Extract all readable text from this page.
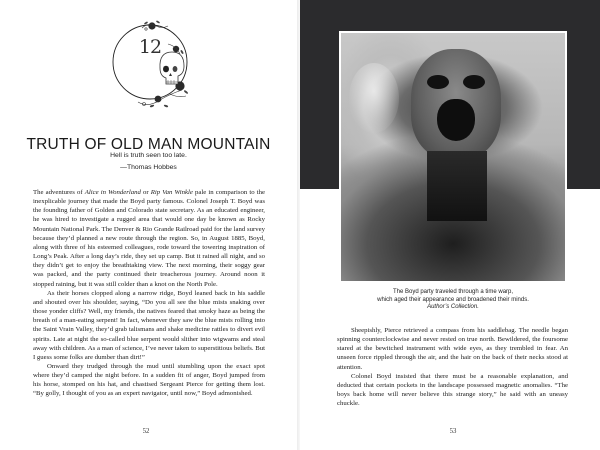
12
TRUTH OF OLD MAN MOUNTAIN
Hell is truth seen too late.
—Thomas Hobbes

The adventures of Alice in Wonderland or Rip Van Winkle pale in comparison to the inexplicable journey that made the Boyd party famous. Colonel Joseph T. Boyd was the founding father of Golden and Colorado state secretary. As an educated engineer, he was hired to investigate a rugged area that would one day be known as Rocky Mountain National Park. The Denver & Rio Grande Railroad paid for the land survey because they’d planned a new route through the region. So, in August 1885, Boyd, along with three of his esteemed colleagues, rode toward the towering inspiration of Long’s Peak. After a long day’s ride, they set up camp. But it rained all night, and so they didn’t get to enjoy the breathtaking view. The next morning, their soggy gear was packed, and the party continued their treacherous journey. Around noon it stopped raining, but it was still colder than a knot on the North Pole.

As their horses clopped along a narrow ridge, Boyd leaned back in his saddle and shouted over his shoulder, saying, “Do you all see the blue mists snaking over those yonder cliffs? Well, my friends, the natives feared that smoky haze as being the breath of a man-eating serpent! In fact, whenever they saw the blue mists rolling into the Saint Vrain Valley, they’d grab talismans and shake medicine rattles to divert evil spirits. Late at night the so-called blue serpent would slither into wigwams and steal away with children. As a man of science, I’ve never taken to superstitious beliefs. But I guess some folks are dumber than dirt!”

Onward they trudged through the mud until stumbling upon the exact spot where they’d camped the night before. In a sudden fit of anger, Boyd jumped from his horse, stomped on his hat, and chastised Sergeant Pierce for getting them lost. “By golly, I thought of you as an expert navigator, until now,” Boyd admonished.

52
The Boyd party traveled through a time warp,
which aged their appearance and broadened their minds.
Author’s Collection.

Sheepishly, Pierce retrieved a compass from his saddlebag. The needle began spinning counterclockwise and never rested on true north. Bewildered, the foursome stared at the bewitched instrument with wide eyes, as they trembled in fear. An unseen force rippled through the air, and the hair on the back of their necks stood at attention.

Colonel Boyd insisted that there must be a reasonable explanation, and deducted that certain pockets in the landscape possessed magnetic anomalies. “The boys back home will never believe this strange story,” he said with an uneasy chuckle.

53
